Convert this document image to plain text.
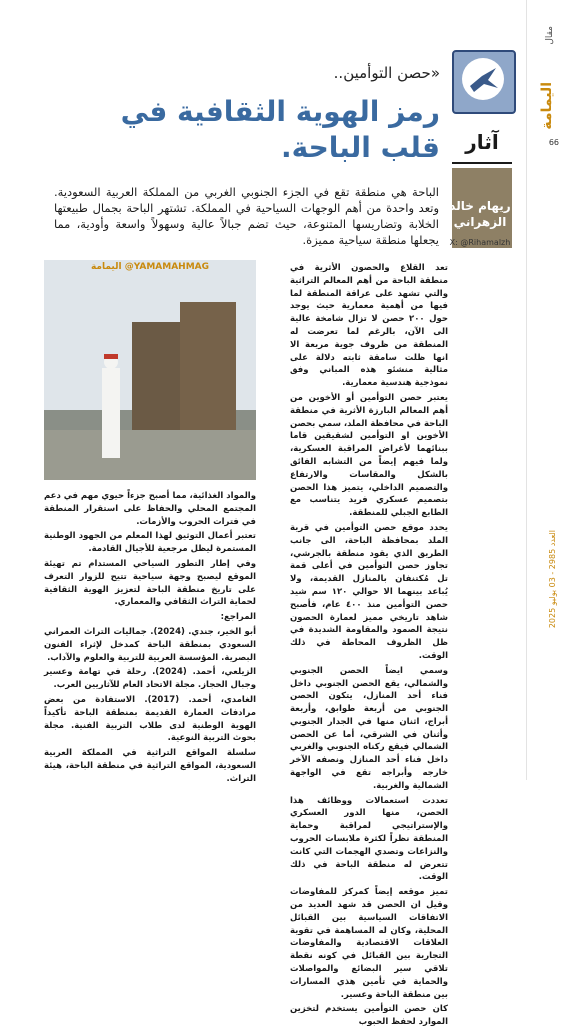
مقال
اليمامة
66
العدد 2985 - 03 يوليو 2025
آثار
ريهام خالد الزهراني
X: @Rihamalzh
«حصن التوأمين..
رمز الهوية الثقافية في قلب الباحة.
الباحة هي منطقة تقع في الجزء الجنوبي الغربي من المملكة العربية السعودية. وتعد واحدة من أهم الوجهات السياحية في المملكة. تشتهر الباحة بجمال طبيعتها الخلابة وتضاريسها المتنوعة، حيث تضم جبالاً عالية وسهولاً واسعة وأودية، مما يجعلها منطقة سياحية مميزة.
اليمامة @YAMAMAHMAG	تعد القلاع والحصون الأثرية في منطقة الباحة من أهم المعالم التراثية والتي تشهد على عراقة المنطقة لما فيها من أهمية معمارية حيث يوجد حول ٢٠٠ حصن لا تزال شامخة عالية الى الآن، بالرغم لما تعرضت له المنطقة من ظروف جوية مريعة الا انها ظلت سامقة ثابته دلالة على مثالية منشئو هذه المباني وفق نموذجية هندسية معمارية.

يعتبر حصن التوأمين أو الأخوين من أهم المعالم البارزة الأثرية في منطقة الباحة في محافظة الملد، سمي بحصن الأخوين او التوأمين لشقيقين قاما ببنائهما لأغراض المراقبة العسكرية، ولما فيهم إيضاً من التشابه الفائق بالشكل والمقاسات والارتفاع والتصميم الداخلي، يتميز هذا الحصن بتصميم عسكري فريد يتناسب مع الطابع الجبلي للمنطقة.

يحدد موقع حصن التوأمين في قرية الملد بمحافظة الباحة، الى جانب الطريق الذي يقود منطقة بالجرشي، تجاوز حصن التوأمين في أعلى قمة تل مُكتنفان بالمنازل القديمة، ولا يُباعد بينهما الا حوالي ١٢٠ سم شيد حصن التوأمين منذ ٤٠٠ عام، فأصبح شاهد تاريخي مميز لعمارة الحصون نتيجة الصمود والمقاومة الشديدة في ظل الظروف المحاطة في ذلك الوقت.

وسمي ايضاً الحصن الجنوبي والشمالي، يقع الحصن الجنوبي داخل فناء أحد المنازل، يتكون الحصن الجنوبي من أربعة طوابق، وأربعة أبراج، اثنان منها في الجدار الجنوبي وأثنان في الشرقي، أما عن الحصن الشمالي فيقع ركناه الجنوبي والغربي داخل فناء أحد المنازل ونصفه الآخر خارجه وأبراجه تقع في الواجهة الشمالية والغربية.

تعددت استعمالات ووظائف هذا الحصن، منها الدور العسكري والإستراتيجي لمراقبة وحماية المنطقة نظراً لكثرة ملابسات الحروب والنزاعات وتصدي الهجمات التي كانت تتعرض له منطقة الباحة في ذلك الوقت.

تميز موقعه إيضاً كمركز للمفاوضات وقيل ان الحصن قد شهد العديد من الاتفاقات السياسية بين القبائل المحلية، وكان له المساهمة في تقوية العلاقات الاقتصادية والمفاوضات التجارية بين القبائل في كونه نقطة تلاقي سير البضائع والمواصلات والحماية في تأمين هذي المسارات بين منطقة الباحة وعسير.

كان حصن التوأمين يستخدم لتخزين الموارد لحفظ الحبوب

والمواد الغذائية، مما أصبح جزءاً حيوي مهم في دعم المجتمع المحلي والحفاظ على استقرار المنطقة في فترات الحروب والأزمات.

تعتبر أعمال التوثيق لهذا المعلم من الجهود الوطنية المستمرة ليظل مرجعية للأجيال القادمة.

وفي إطار التطور السياحي المستدام تم تهيئة الموقع ليصبح وجهة سياحية تتيح للزوار التعرف على تاريخ منطقة الباحة لتعزيز الهوية الثقافية لحماية التراث الثقافي والمعماري.

المراجع:

أبو الخير، جندي. (2024). جماليات التراث العمراني السعودي بمنطقة الباحة كمدخل لإثراء الفنون البصرية. المؤسسة العربية للتربية والعلوم والآداب.

الزيلعي، أحمد. (2024). رحلة في تهامة وعسير وجبال الحجاز. مجلة الاتحاد العام للآثاريين العرب.

الغامدي، أحمد. (2017). الاستفادة من بعض مرادفات العمارة القديمة بمنطقة الباحة تأكيداً الهوية الوطنية لدى طلاب التربية الفنية. مجلة بحوث التربية النوعية.

سلسلة المواقع التراثية في المملكة العربية السعودية، المواقع التراثية في منطقة الباحة، هيئة التراث.
